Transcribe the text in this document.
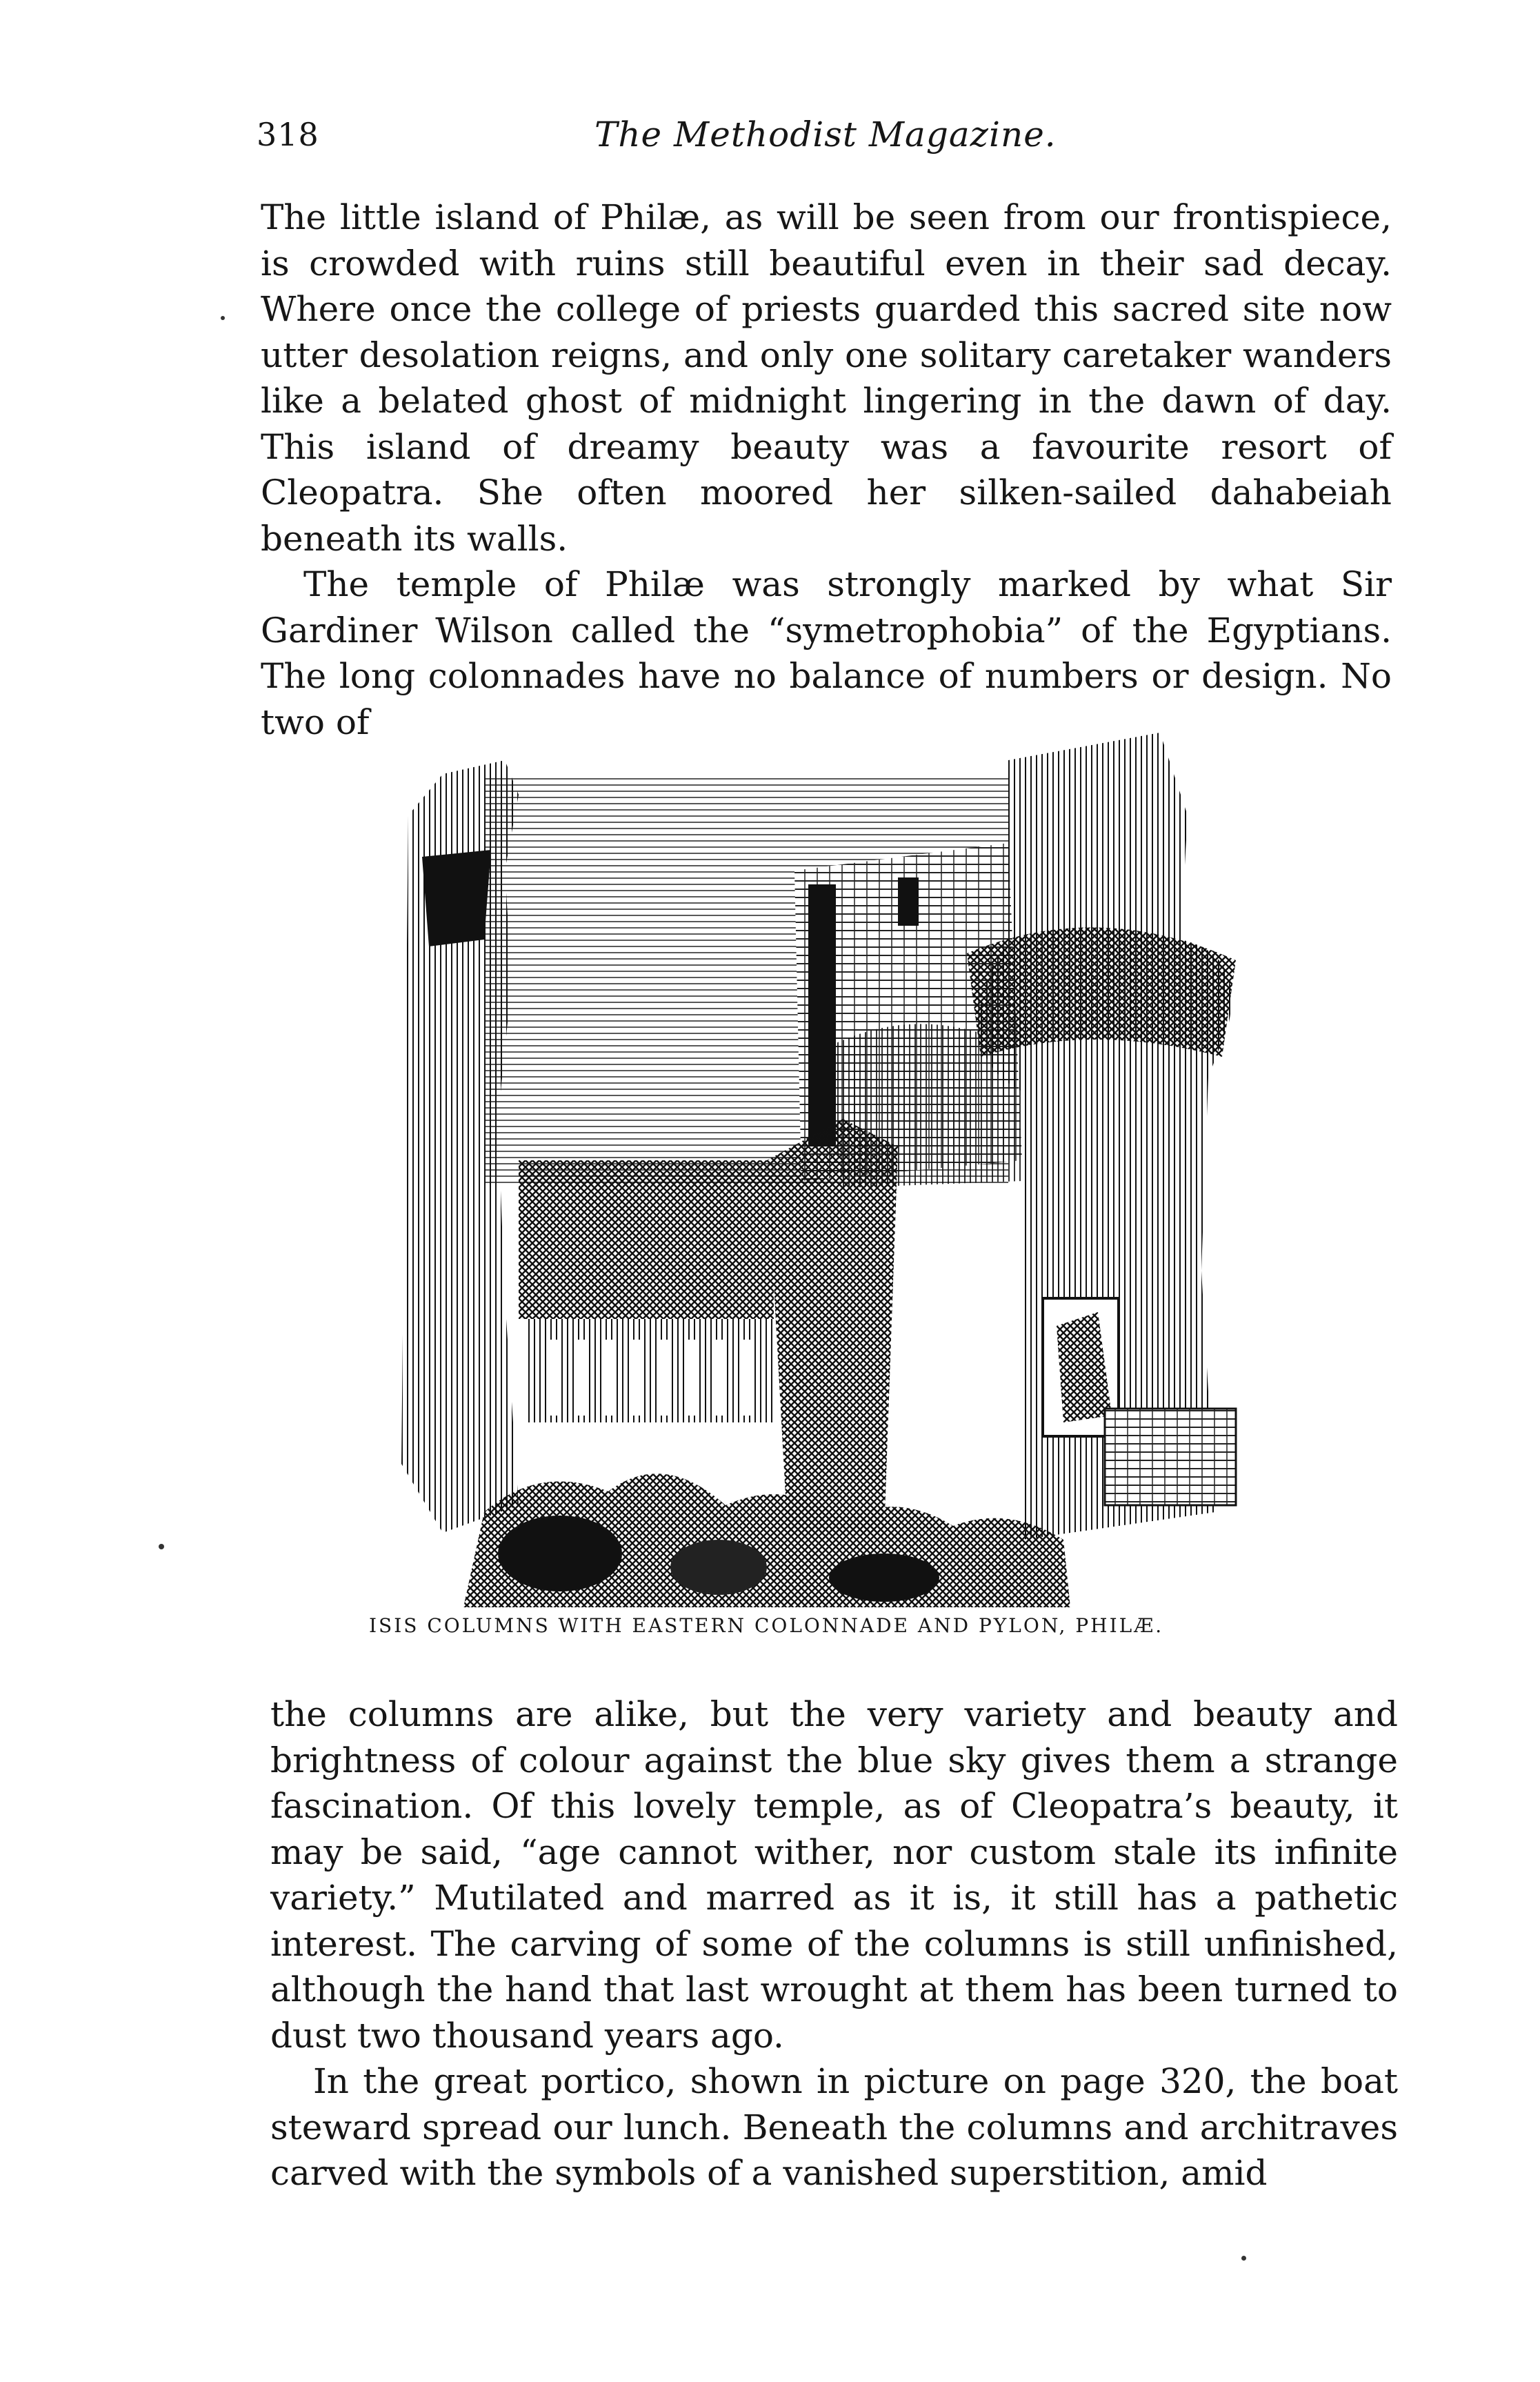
318	The Methodist Magazine.

The little island of Philæ, as will be seen from our frontispiece, is crowded with ruins still beautiful even in their sad decay. Where once the college of priests guarded this sacred site now utter desolation reigns, and only one solitary caretaker wanders like a belated ghost of midnight lingering in the dawn of day. This island of dreamy beauty was a favourite resort of Cleopatra. She often moored her silken-sailed dahabeiah beneath its walls.

The temple of Philæ was strongly marked by what Sir Gardiner Wilson called the “symetrophobia” of the Egyptians. The long colonnades have no balance of numbers or design. No two of

ISIS COLUMNS WITH EASTERN COLONNADE AND PYLON, PHILÆ.

the columns are alike, but the very variety and beauty and brightness of colour against the blue sky gives them a strange fascination. Of this lovely temple, as of Cleopatra’s beauty, it may be said, “age cannot wither, nor custom stale its infinite variety.” Mutilated and marred as it is, it still has a pathetic interest. The carving of some of the columns is still unfinished, although the hand that last wrought at them has been turned to dust two thousand years ago.

In the great portico, shown in picture on page 320, the boat steward spread our lunch. Beneath the columns and architraves carved with the symbols of a vanished superstition, amid
